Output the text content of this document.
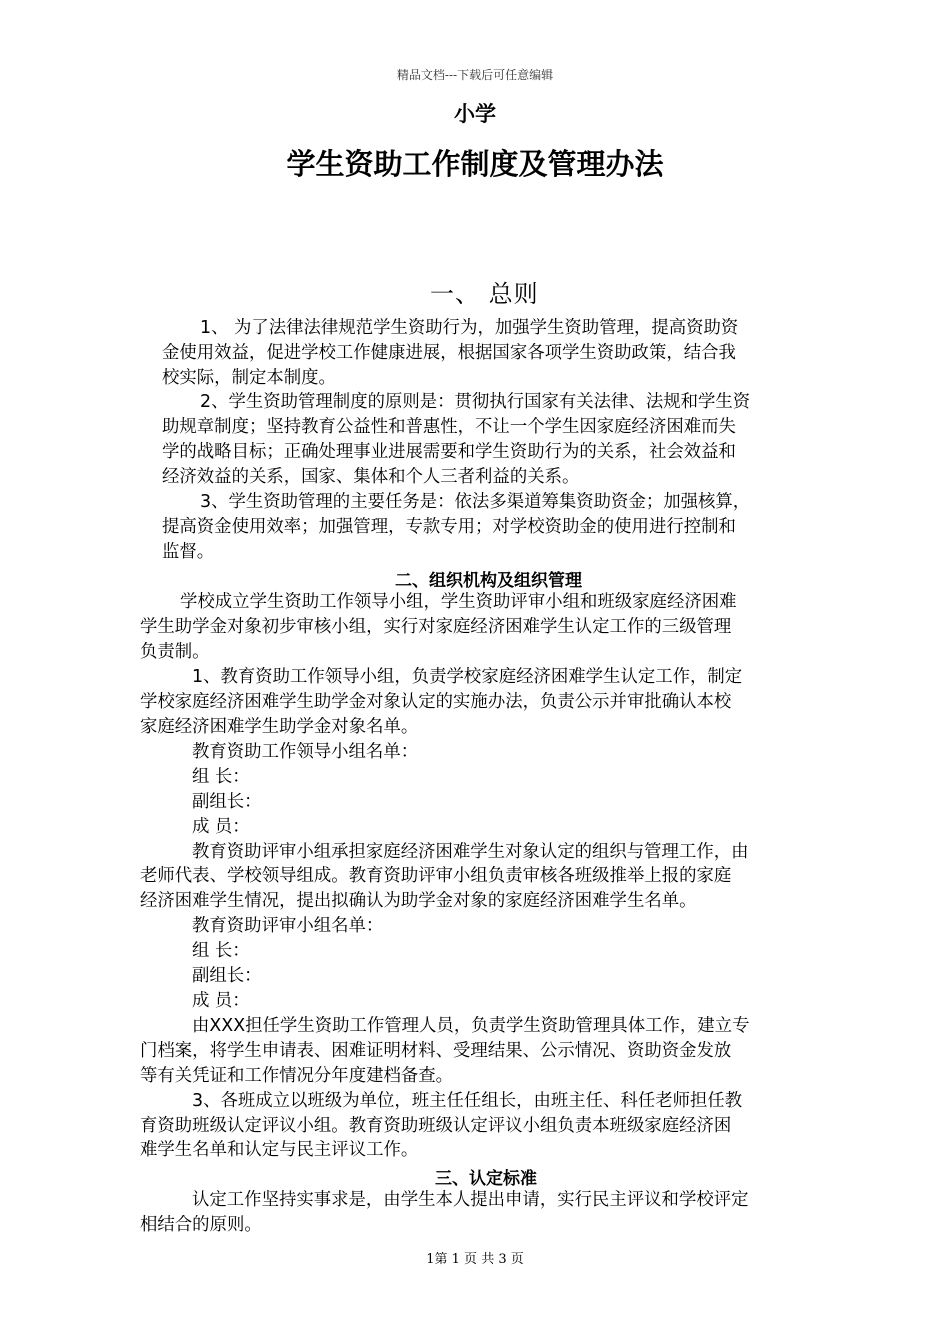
精品文档---下载后可任意编辑
小学
学生资助工作制度及管理办法
一、 总则
1、 为了法律法律规范学生资助行为，加强学生资助管理，提高资助资
金使用效益，促进学校工作健康进展，根据国家各项学生资助政策，结合我
校实际，制定本制度。
2、学生资助管理制度的原则是：贯彻执行国家有关法律、法规和学生资
助规章制度；坚持教育公益性和普惠性，不让一个学生因家庭经济困难而失
学的战略目标；正确处理事业进展需要和学生资助行为的关系，社会效益和
经济效益的关系，国家、集体和个人三者利益的关系。
3、学生资助管理的主要任务是：依法多渠道筹集资助资金；加强核算，
提高资金使用效率；加强管理，专款专用；对学校资助金的使用进行控制和
监督。
二、组织机构及组织管理
学校成立学生资助工作领导小组，学生资助评审小组和班级家庭经济困难
学生助学金对象初步审核小组，实行对家庭经济困难学生认定工作的三级管理
负责制。
1、教育资助工作领导小组，负责学校家庭经济困难学生认定工作，制定
学校家庭经济困难学生助学金对象认定的实施办法，负责公示并审批确认本校
家庭经济困难学生助学金对象名单。
教育资助工作领导小组名单：
组 长：
副组长：
成 员：
教育资助评审小组承担家庭经济困难学生对象认定的组织与管理工作，由
老师代表、学校领导组成。教育资助评审小组负责审核各班级推举上报的家庭
经济困难学生情况，提出拟确认为助学金对象的家庭经济困难学生名单。
教育资助评审小组名单：
组 长：
副组长：
成 员：
由XXX担任学生资助工作管理人员，负责学生资助管理具体工作，建立专
门档案，将学生申请表、困难证明材料、受理结果、公示情况、资助资金发放
等有关凭证和工作情况分年度建档备查。
3、各班成立以班级为单位，班主任任组长，由班主任、科任老师担任教
育资助班级认定评议小组。教育资助班级认定评议小组负责本班级家庭经济困
难学生名单和认定与民主评议工作。
三、认定标准
认定工作坚持实事求是，由学生本人提出申请，实行民主评议和学校评定
相结合的原则。
1第 1 页 共 3 页
